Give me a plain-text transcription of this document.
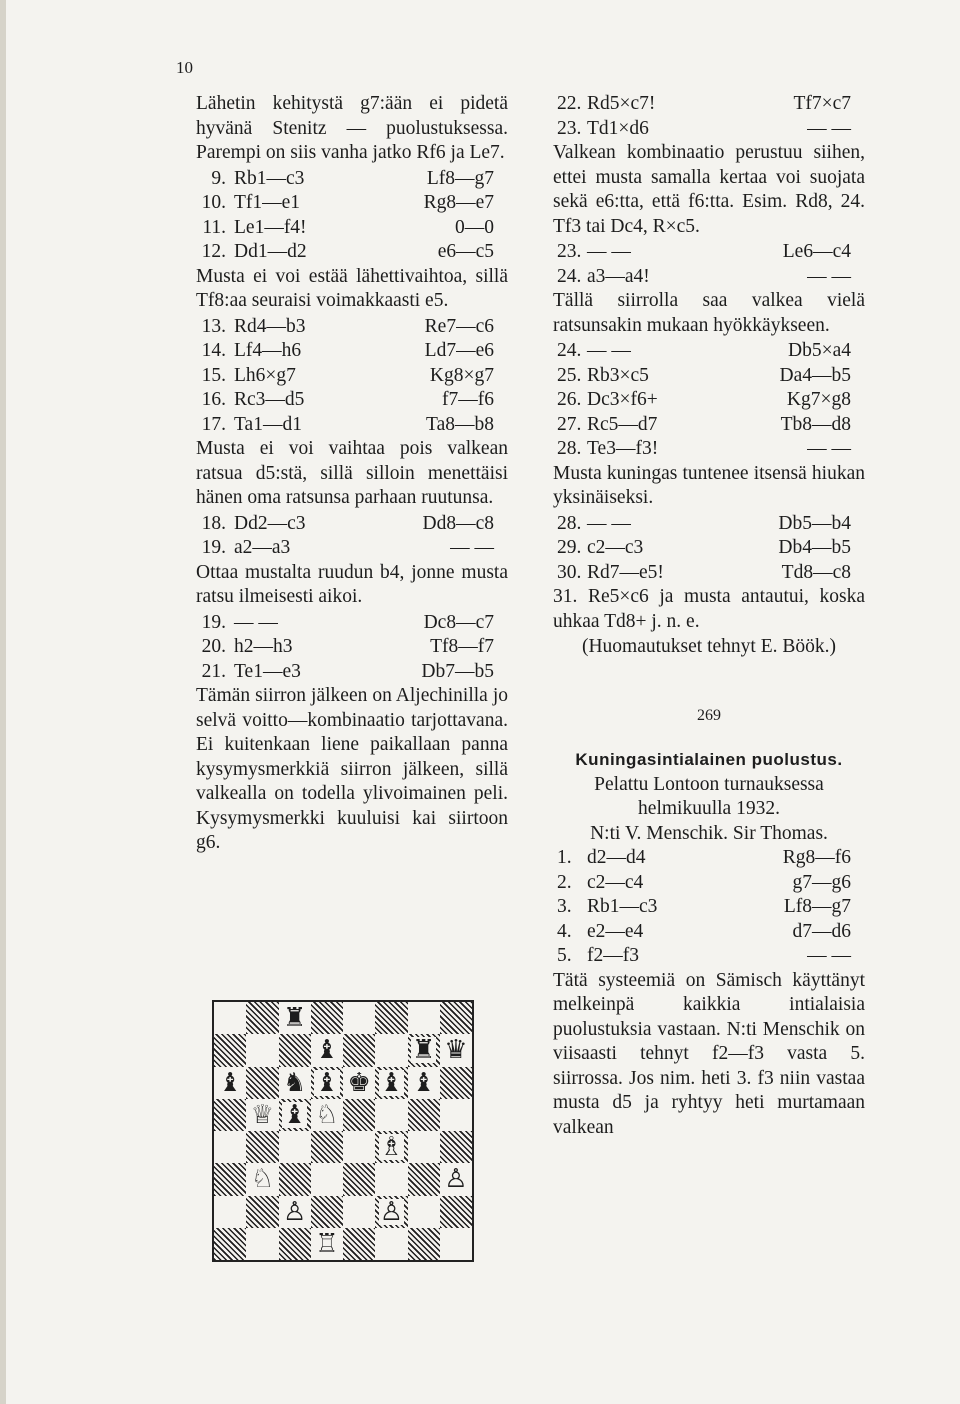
10
Lähetin kehitystä g7:ään ei pidetä hyvänä Stenitz — puolustuksessa. Parempi on siis vanha jatko Rf6 ja Le7.
9. Rb1—c3	Lf8—g7
10. Tf1—e1	Rg8—e7
11. Le1—f4!	0—0
12. Dd1—d2	e6—c5
Musta ei voi estää lähettivaihtoa, sillä Tf8:aa seuraisi voimakkaasti e5.
13. Rd4—b3	Re7—c6
14. Lf4—h6	Ld7—e6
15. Lh6×g7	Kg8×g7
16. Rc3—d5	f7—f6
17. Ta1—d1	Ta8—b8
Musta ei voi vaihtaa pois valkean ratsua d5:stä, sillä silloin menettäisi hänen oma ratsunsa parhaan ruutunsa.
18. Dd2—c3	Dd8—c8
19. a2—a3	— —
Ottaa mustalta ruudun b4, jonne musta ratsu ilmeisesti aikoi.
19. — —	Dc8—c7
20. h2—h3	Tf8—f7
21. Te1—e3	Db7—b5
Tämän siirron jälkeen on Aljechinilla jo selvä voitto—kombinaatio tarjottavana. Ei kuitenkaan liene paikallaan panna kysymysmerkkiä siirron jälkeen, sillä valkealla on todella ylivoimainen peli. Kysymysmerkki kuuluisi kai siirtoon g6.
22. Rd5×c7!	Tf7×c7
23. Td1×d6	— —
Valkean kombinaatio perustuu siihen, ettei musta samalla kertaa voi suojata sekä e6:tta, että f6:tta. Esim. Rd8, 24. Tf3 tai Dc4, R×c5.
23. — —	Le6—c4
24. a3—a4!	— —
Tällä siirrolla saa valkea vielä ratsunsakin mukaan hyökkäykseen.
24. — —	Db5×a4
25. Rb3×c5	Da4—b5
26. Dc3×f6+	Kg7×g8
27. Rc5—d7	Tb8—d8
28. Te3—f3!	— —
Musta kuningas tuntenee itsensä hiukan yksinäiseksi.
28. — —	Db5—b4
29. c2—c3	Db4—b5
30. Rd7—e5!	Td8—c8
31. Re5×c6 ja musta antautui, koska uhkaa Td8+ j. n. e.
(Huomautukset tehnyt E. Böök.)
269
Kuningasintialainen puolustus.
Pelattu Lontoon turnauksessa helmikuulla 1932.
N:ti V. Menschik. Sir Thomas.
1. d2—d4	Rg8—f6
2. c2—c4	g7—g6
3. Rb1—c3	Lf8—g7
4. e2—e4	d7—d6
5. f2—f3	— —
Tätä systeemiä on Sämisch käyttänyt melkeinpä kaikkia intialaisia puolustuksia vastaan. N:ti Menschik on viisaasti tehnyt f2—f3 vasta 5. siirrossa. Jos nim. heti 3. f3 niin vastaa musta d5 ja ryhtyy heti murtamaan valkean
♜
♝	♜ ♛
♝ ♞ ♝ ♚ ♝ ♝
♕ ♝ ♘
♗
♘	♙
♙	♙
♖
